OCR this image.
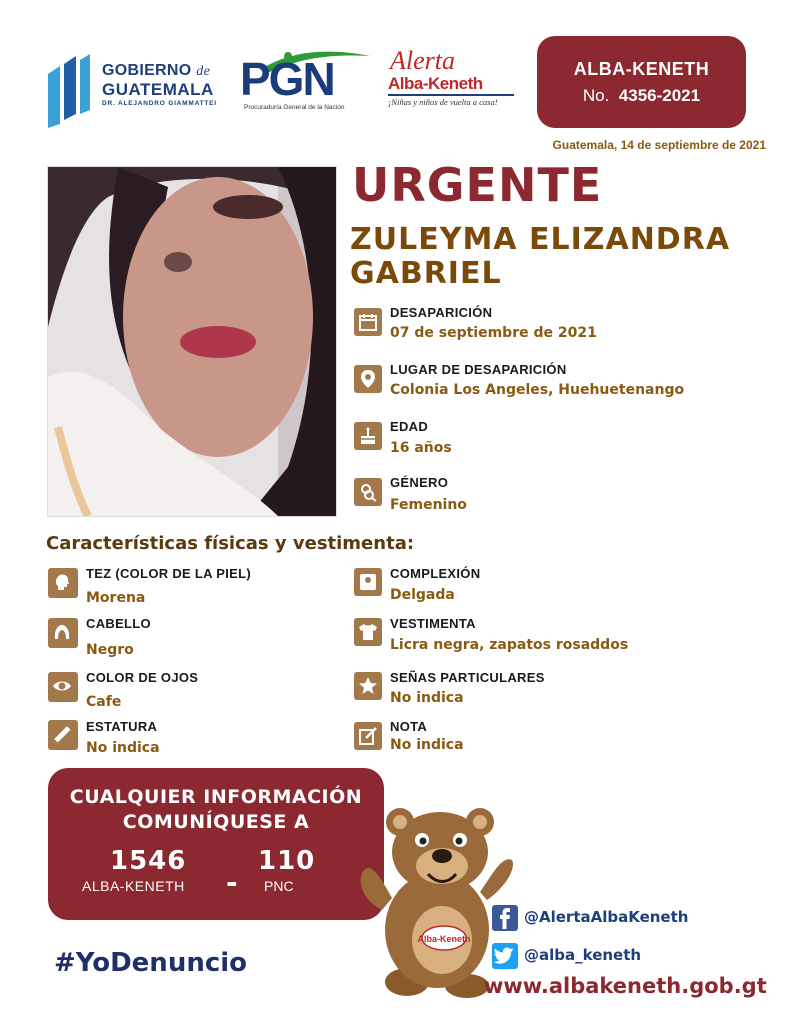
GOBIERNO de
GUATEMALA
DR. ALEJANDRO GIAMMATTEI PGN
Procuraduría General de la Nación
Alerta
Alba-Keneth
¡Niñas y niños de vuelta a casa!
ALBA-KENETH
No. 4356-2021
Guatemala, 14 de septiembre de 2021
URGENTE
ZULEYMA ELIZANDRA
GABRIEL
DESAPARICIÓN
07 de septiembre de 2021
LUGAR DE DESAPARICIÓN
Colonia Los Angeles, Huehuetenango
EDAD
16 años
GÉNERO
Femenino
Características físicas y vestimenta:
TEZ (COLOR DE LA PIEL)
Morena
CABELLO
Negro
COLOR DE OJOS
Cafe
ESTATURA
No indica
COMPLEXIÓN
Delgada
VESTIMENTA
Licra negra, zapatos rosaddos
SEÑAS PARTICULARES
No indica
NOTA
No indica
CUALQUIER INFORMACIÓN
COMUNÍQUESE A
1546
ALBA-KENETH -
110
PNC
#YoDenuncio
Alba-Keneth
@AlertaAlbaKeneth
@alba_keneth
www.albakeneth.gob.gt
